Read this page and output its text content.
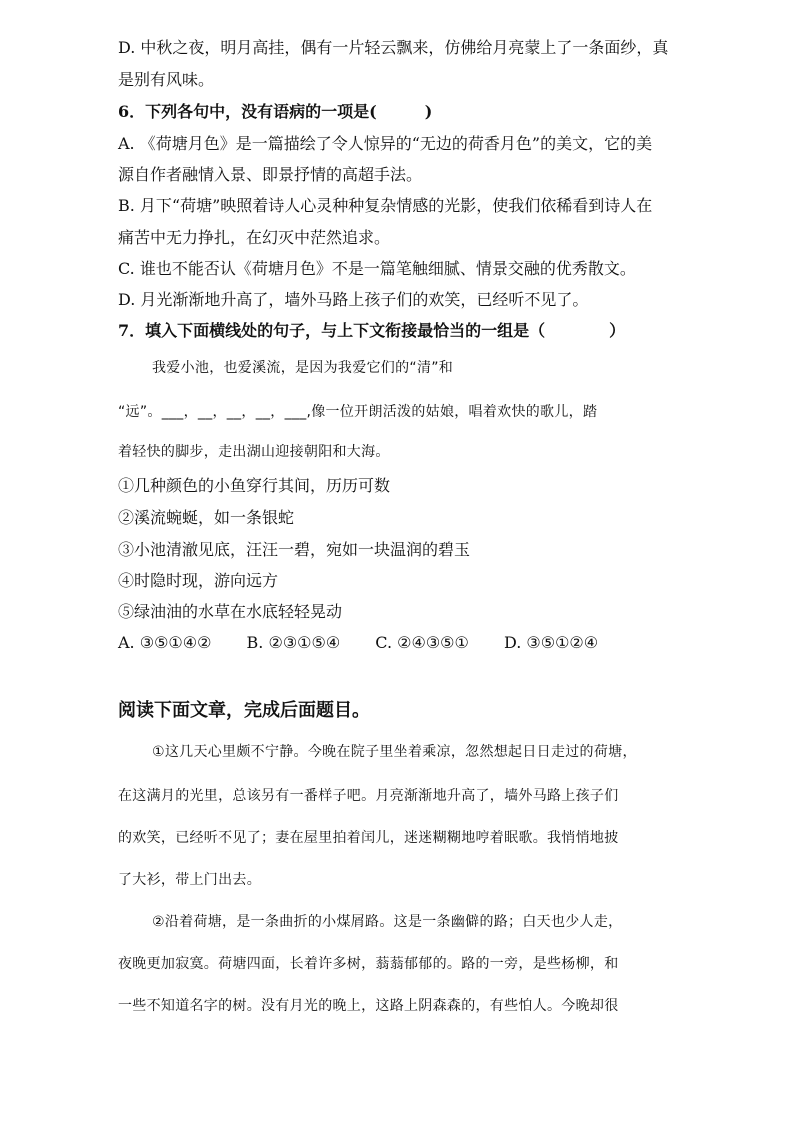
D. 中秋之夜，明月高挂，偶有一片轻云飘来，仿佛给月亮蒙上了一条面纱，真
是别有风味。
6．下列各句中，没有语病的一项是(　　　)
A. 《荷塘月色》是一篇描绘了令人惊异的“无边的荷香月色”的美文，它的美
源自作者融情入景、即景抒情的高超手法。
B. 月下“荷塘”映照着诗人心灵种种复杂情感的光影，使我们依稀看到诗人在
痛苦中无力挣扎，在幻灭中茫然追求。
C. 谁也不能否认《荷塘月色》不是一篇笔触细腻、情景交融的优秀散文。
D. 月光渐渐地升高了，墙外马路上孩子们的欢笑，已经听不见了。
7．填入下面横线处的句子，与上下文衔接最恰当的一组是（　　　　）
我爱小池，也爱溪流，是因为我爱它们的“清”和
“远”。___，__，__，__，___,像一位开朗活泼的姑娘，唱着欢快的歌儿，踏
着轻快的脚步，走出湖山迎接朝阳和大海。
①几种颜色的小鱼穿行其间，历历可数
②溪流蜿蜒，如一条银蛇
③小池清澈见底，汪汪一碧，宛如一块温润的碧玉
④时隐时现，游向远方
⑤绿油油的水草在水底轻轻晃动
A. ③⑤①④② B. ②③①⑤④ C. ②④③⑤① D. ③⑤①②④
阅读下面文章，完成后面题目。
①这几天心里颇不宁静。今晚在院子里坐着乘凉，忽然想起日日走过的荷塘，
在这满月的光里，总该另有一番样子吧。月亮渐渐地升高了，墙外马路上孩子们
的欢笑，已经听不见了；妻在屋里拍着闰儿，迷迷糊糊地哼着眠歌。我悄悄地披
了大衫，带上门出去。
②沿着荷塘，是一条曲折的小煤屑路。这是一条幽僻的路；白天也少人走，
夜晚更加寂寞。荷塘四面，长着许多树，蓊蓊郁郁的。路的一旁，是些杨柳，和
一些不知道名字的树。没有月光的晚上，这路上阴森森的，有些怕人。今晚却很
